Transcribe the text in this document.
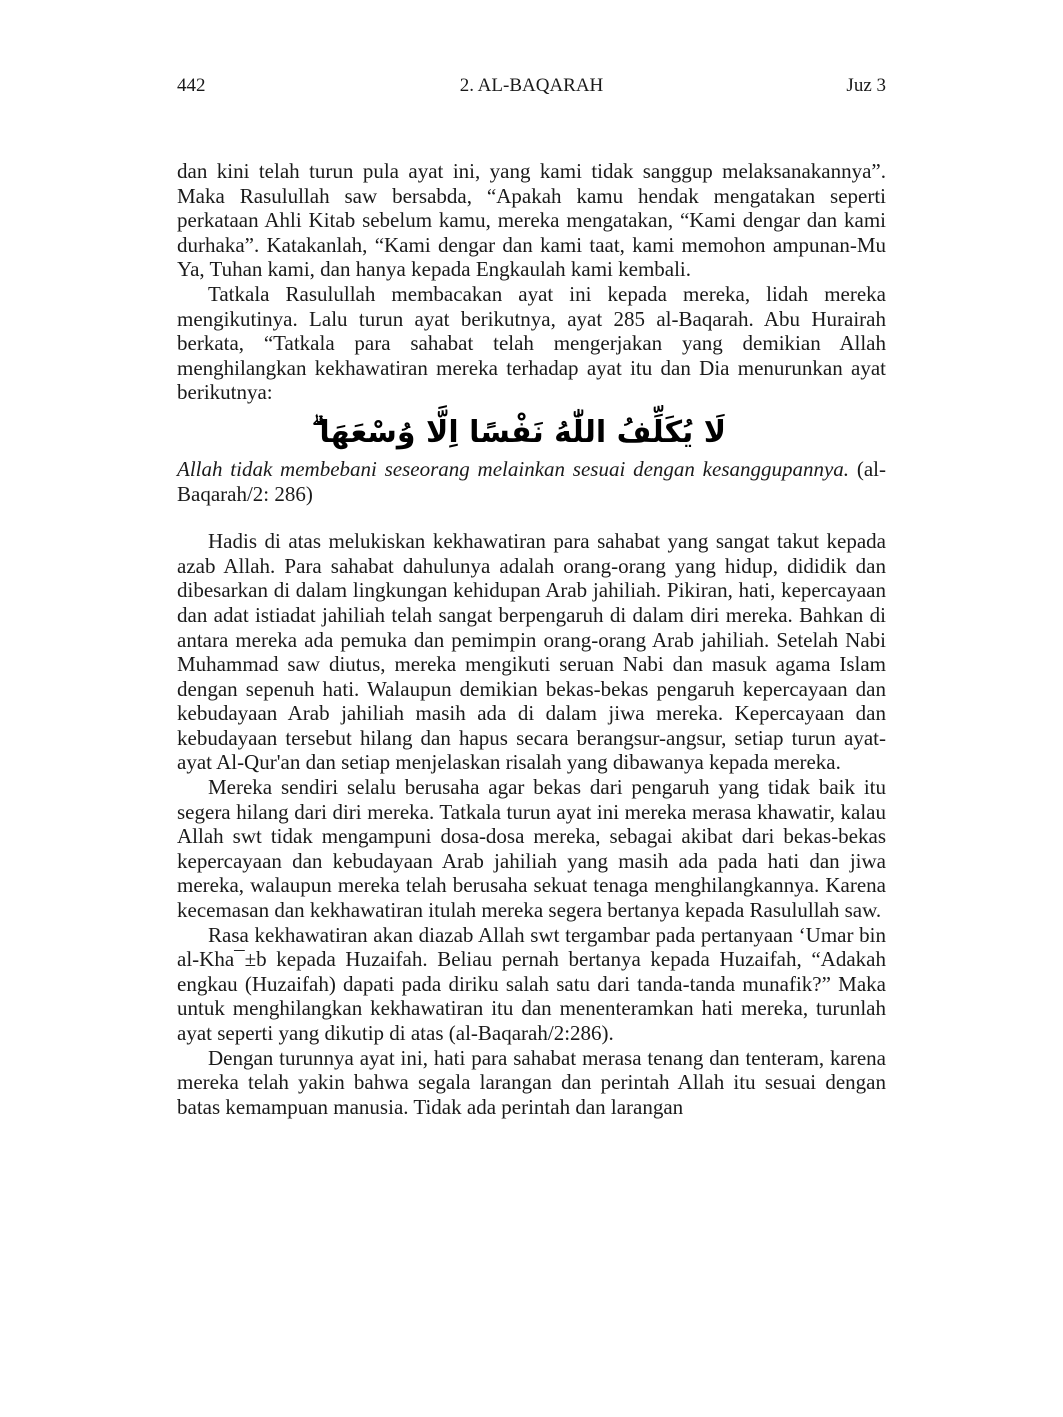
442	2. AL-BAQARAH	Juz 3

dan kini telah turun pula ayat ini, yang kami tidak sanggup melaksanakannya”. Maka Rasulullah saw bersabda, “Apakah kamu hendak mengatakan seperti perkataan Ahli Kitab sebelum kamu, mereka mengatakan, “Kami dengar dan kami durhaka”. Katakanlah, “Kami dengar dan kami taat, kami memohon ampunan-Mu Ya, Tuhan kami, dan hanya kepada Engkaulah kami kembali.

Tatkala Rasulullah membacakan ayat ini kepada mereka, lidah mereka mengikutinya. Lalu turun ayat berikutnya, ayat 285 al-Baqarah. Abu Hurairah berkata, “Tatkala para sahabat telah mengerjakan yang demikian Allah menghilangkan kekhawatiran mereka terhadap ayat itu dan Dia menurunkan ayat berikutnya:

لَا يُكَلِّفُ اللّٰهُ نَفْسًا اِلَّا وُسْعَهَا ۗ

Allah tidak membebani seseorang melainkan sesuai dengan kesanggupannya. (al-Baqarah/2: 286)

Hadis di atas melukiskan kekhawatiran para sahabat yang sangat takut kepada azab Allah. Para sahabat dahulunya adalah orang-orang yang hidup, dididik dan dibesarkan di dalam lingkungan kehidupan Arab jahiliah. Pikiran, hati, kepercayaan dan adat istiadat jahiliah telah sangat berpengaruh di dalam diri mereka. Bahkan di antara mereka ada pemuka dan pemimpin orang-orang Arab jahiliah. Setelah Nabi Muhammad saw diutus, mereka mengikuti seruan Nabi dan masuk agama Islam dengan sepenuh hati. Walaupun demikian bekas-bekas pengaruh kepercayaan dan kebudayaan Arab jahiliah masih ada di dalam jiwa mereka. Kepercayaan dan kebudayaan tersebut hilang dan hapus secara berangsur-angsur, setiap turun ayat-ayat Al-Qur'an dan setiap menjelaskan risalah yang dibawanya kepada mereka.

Mereka sendiri selalu berusaha agar bekas dari pengaruh yang tidak baik itu segera hilang dari diri mereka. Tatkala turun ayat ini mereka merasa khawatir, kalau Allah swt tidak mengampuni dosa-dosa mereka, sebagai akibat dari bekas-bekas kepercayaan dan kebudayaan Arab jahiliah yang masih ada pada hati dan jiwa mereka, walaupun mereka telah berusaha sekuat tenaga menghilangkannya. Karena kecemasan dan kekhawatiran itulah mereka segera bertanya kepada Rasulullah saw.

Rasa kekhawatiran akan diazab Allah swt tergambar pada pertanyaan ‘Umar bin al-Kha¯±b kepada Huzaifah. Beliau pernah bertanya kepada Huzaifah, “Adakah engkau (Huzaifah) dapati pada diriku salah satu dari tanda-tanda munafik?” Maka untuk menghilangkan kekhawatiran itu dan menenteramkan hati mereka, turunlah ayat seperti yang dikutip di atas (al-Baqarah/2:286).

Dengan turunnya ayat ini, hati para sahabat merasa tenang dan tenteram, karena mereka telah yakin bahwa segala larangan dan perintah Allah itu sesuai dengan batas kemampuan manusia. Tidak ada perintah dan larangan
